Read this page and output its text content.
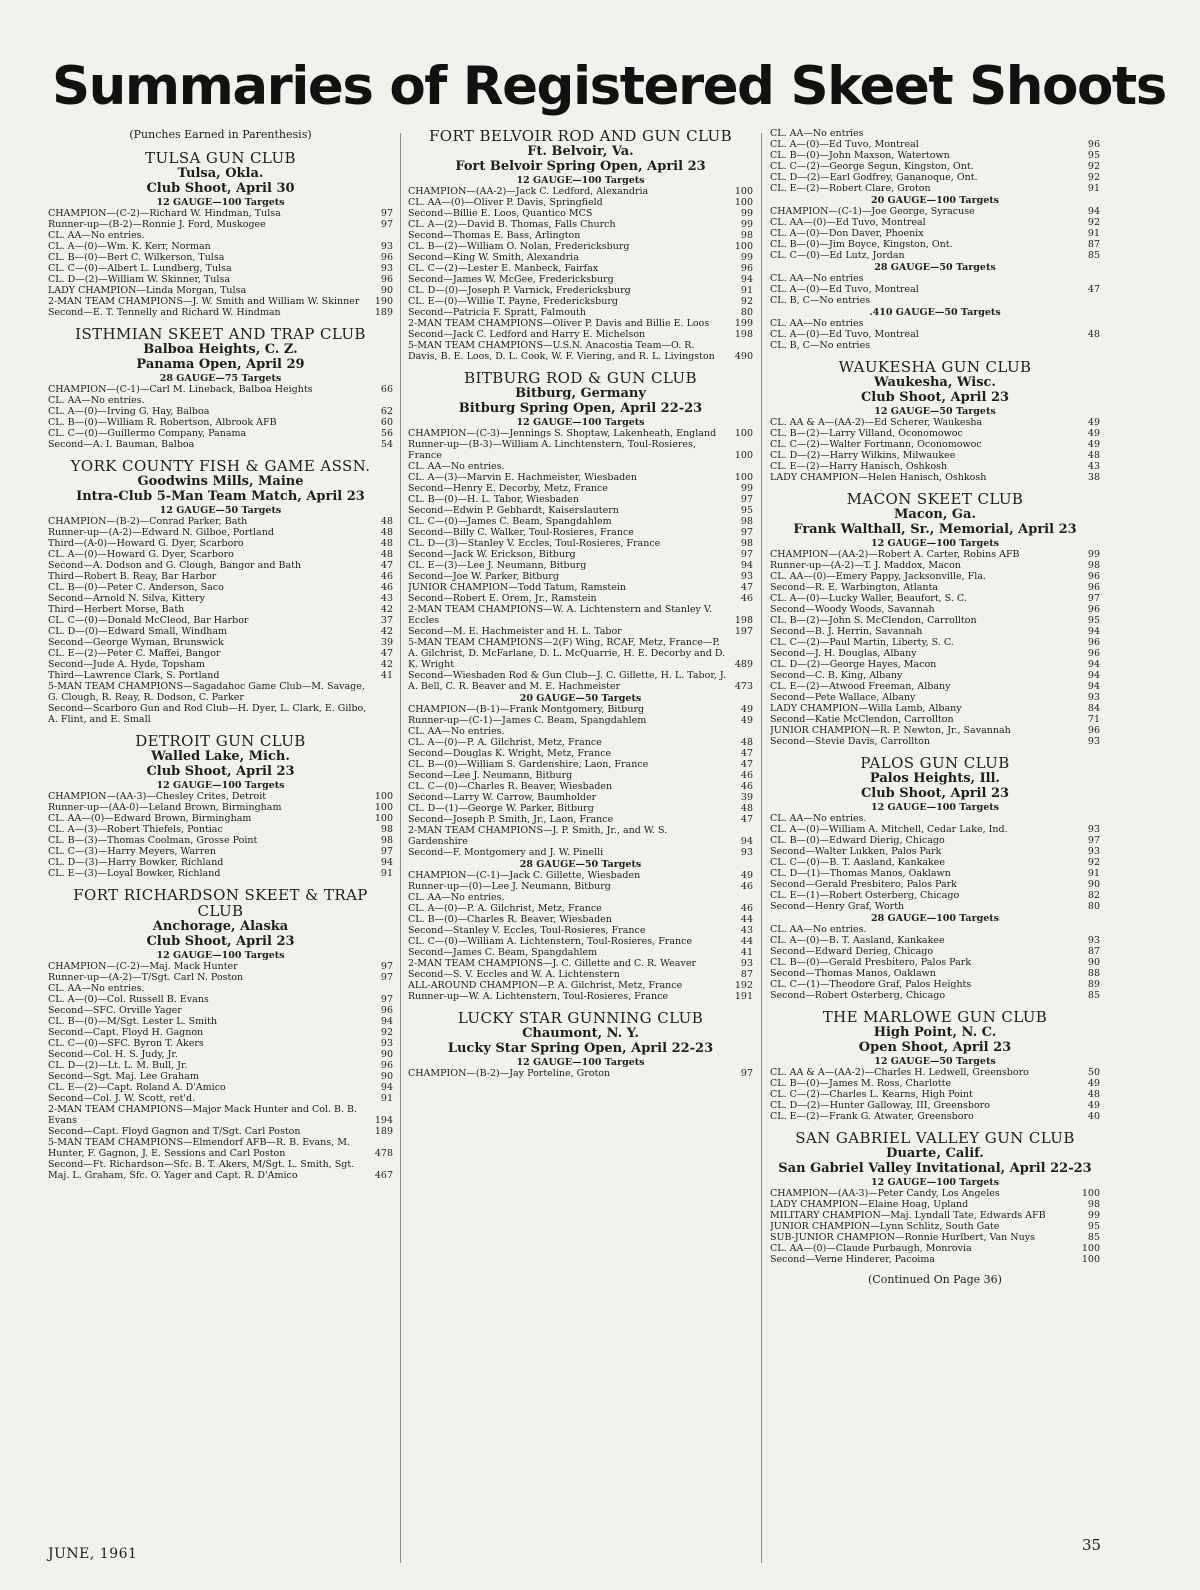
Summaries of Registered Skeet Shoots
(Punches Earned in Parenthesis)
TULSA GUN CLUB
Tulsa, Okla.
Club Shoot, April 30
12 GAUGE—100 Targets
CHAMPION—(C-2)—Richard W. Hindman, Tulsa	97
Runner-up—(B-2)—Ronnie J. Ford, Muskogee	97
CL. AA—No entries.
CL. A—(0)—Wm. K. Kerr, Norman	93
CL. B—(0)—Bert C. Wilkerson, Tulsa	96
CL. C—(0)—Albert L. Lundberg, Tulsa	93
CL. D—(2)—William W. Skinner, Tulsa	96
LADY CHAMPION—Linda Morgan, Tulsa	90
2-MAN TEAM CHAMPIONS—J. W. Smith and William W. Skinner	190
Second—E. T. Tennelly and Richard W. Hindman	189
ISTHMIAN SKEET AND TRAP CLUB
Balboa Heights, C. Z.
Panama Open, April 29
28 GAUGE—75 Targets
CHAMPION—(C-1)—Carl M. Lineback, Balboa Heights	66
CL. AA—No entries.
CL. A—(0)—Irving G. Hay, Balboa	62
CL. B—(0)—William R. Robertson, Albrook AFB	60
CL. C—(0)—Guillermo Company, Panama	56
Second—A. I. Bauman, Balboa	54
YORK COUNTY FISH & GAME ASSN.
Goodwins Mills, Maine
Intra-Club 5-Man Team Match, April 23
12 GAUGE—50 Targets
CHAMPION—(B-2)—Conrad Parker, Bath	48
Runner-up—(A-2)—Edward N. Gilboe, Portland	48
Third—(A-0)—Howard G. Dyer, Scarboro	48
CL. A—(0)—Howard G. Dyer, Scarboro	48
Second—A. Dodson and G. Clough, Bangor and Bath	47
Third—Robert B. Reay, Bar Harbor	46
CL. B—(0)—Peter C. Anderson, Saco	46
Second—Arnold N. Silva, Kittery	43
Third—Herbert Morse, Bath	42
CL. C—(0)—Donald McCleod, Bar Harbor	37
CL. D—(0)—Edward Small, Windham	42
Second—George Wyman, Brunswick	39
CL. E—(2)—Peter C. Maffei, Bangor	47
Second—Jude A. Hyde, Topsham	42
Third—Lawrence Clark, S. Portland	41
5-MAN TEAM CHAMPIONS—Sagadahoc Game Club—M. Savage, G. Clough, R. Reay, R. Dodson, C. Parker
Second—Scarboro Gun and Rod Club—H. Dyer, L. Clark, E. Gilbo, A. Flint, and E. Small
DETROIT GUN CLUB
Walled Lake, Mich.
Club Shoot, April 23
12 GAUGE—100 Targets
CHAMPION—(AA-3)—Chesley Crites, Detroit	100
Runner-up—(AA-0)—Leland Brown, Birmingham	100
CL. AA—(0)—Edward Brown, Birmingham	100
CL. A—(3)—Robert Thiefels, Pontiac	98
CL. B—(3)—Thomas Coolman, Grosse Point	98
CL. C—(3)—Harry Meyers, Warren	97
CL. D—(3)—Harry Bowker, Richland	94
CL. E—(3)—Loyal Bowker, Richland	91
FORT RICHARDSON SKEET & TRAP CLUB
Anchorage, Alaska
Club Shoot, April 23
12 GAUGE—100 Targets
CHAMPION—(C-2)—Maj. Mack Hunter	97
Runner-up—(A-2)—T/Sgt. Carl N. Poston	97
CL. AA—No entries.
CL. A—(0)—Col. Russell B. Evans	97
Second—SFC. Orville Yager	96
CL. B—(0)—M/Sgt. Lester L. Smith	94
Second—Capt. Floyd H. Gagnon	92
CL. C—(0)—SFC. Byron T. Akers	93
Second—Col. H. S. Judy, Jr.	90
CL. D—(2)—Lt. L. M. Bull, Jr.	96
Second—Sgt. Maj. Lee Graham	90
CL. E—(2)—Capt. Roland A. D'Amico	94
Second—Col. J. W. Scott, ret'd.	91
2-MAN TEAM CHAMPIONS—Major Mack Hunter and Col. B. B. Evans	194
Second—Capt. Floyd Gagnon and T/Sgt. Carl Poston	189
5-MAN TEAM CHAMPIONS—Elmendorf AFB—R. B. Evans, M. Hunter, F. Gagnon, J. E. Sessions and Carl Poston	478
Second—Ft. Richardson—Sfc. B. T. Akers, M/Sgt. L. Smith, Sgt. Maj. L. Graham, Sfc. O. Yager and Capt. R. D'Amico	467
FORT BELVOIR ROD AND GUN CLUB
Ft. Belvoir, Va.
Fort Belvoir Spring Open, April 23
12 GAUGE—100 Targets
CHAMPION—(AA-2)—Jack C. Ledford, Alexandria	100
CL. AA—(0)—Oliver P. Davis, Springfield	100
Second—Billie E. Loos, Quantico MCS	99
CL. A—(2)—David B. Thomas, Falls Church	99
Second—Thomas E. Bass, Arlington	98
CL. B—(2)—William O. Nolan, Fredericksburg	100
Second—King W. Smith, Alexandria	99
CL. C—(2)—Lester E. Manbeck, Fairfax	96
Second—James W. McGee, Fredericksburg	94
CL. D—(0)—Joseph P. Varnick, Fredericksburg	91
CL. E—(0)—Willie T. Payne, Fredericksburg	92
Second—Patricia F. Spratt, Falmouth	80
2-MAN TEAM CHAMPIONS—Oliver P. Davis and Billie E. Loos	199
Second—Jack C. Ledford and Harry E. Michelson	198
5-MAN TEAM CHAMPIONS—U.S.N. Anacostia Team—O. R. Davis, B. E. Loos, D. L. Cook, W. F. Viering, and R. L. Livingston	490
BITBURG ROD & GUN CLUB
Bitburg, Germany
Bitburg Spring Open, April 22-23
12 GAUGE—100 Targets
CHAMPION—(C-3)—Jennings S. Shoptaw, Lakenheath, England	100
Runner-up—(B-3)—William A. Linchtenstern, Toul-Rosieres, France	100
CL. AA—No entries.
CL. A—(3)—Marvin E. Hachmeister, Wiesbaden	100
Second—Henry E. Decorby, Metz, France	99
CL. B—(0)—H. L. Tabor, Wiesbaden	97
Second—Edwin P. Gebhardt, Kaiserslautern	95
CL. C—(0)—James C. Beam, Spangdahlem	98
Second—Billy C. Walker, Toul-Rosieres, France	97
CL. D—(3)—Stanley V. Eccles, Toul-Rosieres, France	98
Second—Jack W. Erickson, Bitburg	97
CL. E—(3)—Lee J. Neumann, Bitburg	94
Second—Joe W. Parker, Bitburg	93
JUNIOR CHAMPION—Todd Tatum, Ramstein	47
Second—Robert E. Orem, Jr., Ramstein	46
2-MAN TEAM CHAMPIONS—W. A. Lichtenstern and Stanley V. Eccles	198
Second—M. E. Hachmeister and H. L. Tabor	197
5-MAN TEAM CHAMPIONS—2(F) Wing, RCAF, Metz, France—P. A. Gilchrist, D. McFarlane, D. L. McQuarrie, H. E. Decorby and D. K. Wright	489
Second—Wiesbaden Rod & Gun Club—J. C. Gillette, H. L. Tabor, J. A. Bell, C. R. Beaver and M. E. Hachmeister	473
20 GAUGE—50 Targets
CHAMPION—(B-1)—Frank Montgomery, Bitburg	49
Runner-up—(C-1)—James C. Beam, Spangdahlem	49
CL. AA—No entries.
CL. A—(0)—P. A. Gilchrist, Metz, France	48
Second—Douglas K. Wright, Metz, France	47
CL. B—(0)—William S. Gardenshire, Laon, France	47
Second—Lee J. Neumann, Bitburg	46
CL. C—(0)—Charles R. Beaver, Wiesbaden	46
Second—Larry W. Carrow, Baumholder	39
CL. D—(1)—George W. Parker, Bitburg	48
Second—Joseph P. Smith, Jr., Laon, France	47
2-MAN TEAM CHAMPIONS—J. P. Smith, Jr., and W. S. Gardenshire	94
Second—F. Montgomery and J. W. Pinelli	93
28 GAUGE—50 Targets
CHAMPION—(C-1)—Jack C. Gillette, Wiesbaden	49
Runner-up—(0)—Lee J. Neumann, Bitburg	46
CL. AA—No entries.
CL. A—(0)—P. A. Gilchrist, Metz, France	46
CL. B—(0)—Charles R. Beaver, Wiesbaden	44
Second—Stanley V. Eccles, Toul-Rosieres, France	43
CL. C—(0)—William A. Lichtenstern, Toul-Rosieres, France	44
Second—James C. Beam, Spangdahlem	41
2-MAN TEAM CHAMPIONS—J. C. Gillette and C. R. Weaver	93
Second—S. V. Eccles and W. A. Lichtenstern	87
ALL-AROUND CHAMPION—P. A. Gilchrist, Metz, France	192
Runner-up—W. A. Lichtenstern, Toul-Rosieres, France	191
LUCKY STAR GUNNING CLUB
Chaumont, N. Y.
Lucky Star Spring Open, April 22-23
12 GAUGE—100 Targets
CHAMPION—(B-2)—Jay Porteline, Groton	97
CL. AA—No entries
CL. A—(0)—Ed Tuvo, Montreal	96
CL. B—(0)—John Maxson, Watertown	95
CL. C—(2)—George Segun, Kingston, Ont.	92
CL. D—(2)—Earl Godfrey, Gananoque, Ont.	92
CL. E—(2)—Robert Clare, Groton	91
20 GAUGE—100 Targets
CHAMPION—(C-1)—Joe George, Syracuse	94
CL. AA—(0)—Ed Tuvo, Montreal	92
CL. A—(0)—Don Daver, Phoenix	91
CL. B—(0)—Jim Boyce, Kingston, Ont.	87
CL. C—(0)—Ed Lutz, Jordan	85
28 GAUGE—50 Targets
CL. AA—No entries
CL. A—(0)—Ed Tuvo, Montreal	47
CL. B, C—No entries
.410 GAUGE—50 Targets
CL. AA—No entries
CL. A—(0)—Ed Tuvo, Montreal	48
CL. B, C—No entries
WAUKESHA GUN CLUB
Waukesha, Wisc.
Club Shoot, April 23
12 GAUGE—50 Targets
CL. AA & A—(AA-2)—Ed Scherer, Waukesha	49
CL. B—(2)—Larry Villand, Oconomowoc	49
CL. C—(2)—Walter Fortmann, Oconomowoc	49
CL. D—(2)—Harry Wilkins, Milwaukee	48
CL. E—(2)—Harry Hanisch, Oshkosh	43
LADY CHAMPION—Helen Hanisch, Oshkosh	38
MACON SKEET CLUB
Macon, Ga.
Frank Walthall, Sr., Memorial, April 23
12 GAUGE—100 Targets
CHAMPION—(AA-2)—Robert A. Carter, Robins AFB	99
Runner-up—(A-2)—T. J. Maddox, Macon	98
CL. AA—(0)—Emery Pappy, Jacksonville, Fla.	96
Second—R. E. Warbington, Atlanta	96
CL. A—(0)—Lucky Waller, Beaufort, S. C.	97
Second—Woody Woods, Savannah	96
CL. B—(2)—John S. McClendon, Carrollton	95
Second—B. J. Herrin, Savannah	94
CL. C—(2)—Paul Martin, Liberty, S. C.	96
Second—J. H. Douglas, Albany	96
CL. D—(2)—George Hayes, Macon	94
Second—C. B. King, Albany	94
CL. E—(2)—Atwood Freeman, Albany	94
Second—Pete Wallace, Albany	93
LADY CHAMPION—Willa Lamb, Albany	84
Second—Katie McClendon, Carrollton	71
JUNIOR CHAMPION—R. P. Newton, Jr., Savannah	96
Second—Stevie Davis, Carrollton	93
PALOS GUN CLUB
Palos Heights, Ill.
Club Shoot, April 23
12 GAUGE—100 Targets
CL. AA—No entries.
CL. A—(0)—William A. Mitchell, Cedar Lake, Ind.	93
CL. B—(0)—Edward Dierig, Chicago	97
Second—Walter Lukken, Palos Park	93
CL. C—(0)—B. T. Aasland, Kankakee	92
CL. D—(1)—Thomas Manos, Oaklawn	91
Second—Gerald Presbitero, Palos Park	90
CL. E—(1)—Robert Osterberg, Chicago	82
Second—Henry Graf, Worth	80
28 GAUGE—100 Targets
CL. AA—No entries.
CL. A—(0)—B. T. Aasland, Kankakee	93
Second—Edward Derieg, Chicago	87
CL. B—(0)—Gerald Presbitero, Palos Park	90
Second—Thomas Manos, Oaklawn	88
CL. C—(1)—Theodore Graf, Palos Heights	89
Second—Robert Osterberg, Chicago	85
THE MARLOWE GUN CLUB
High Point, N. C.
Open Shoot, April 23
12 GAUGE—50 Targets
CL. AA & A—(AA-2)—Charles H. Ledwell, Greensboro	50
CL. B—(0)—James M. Ross, Charlotte	49
CL. C—(2)—Charles L. Kearns, High Point	48
CL. D—(2)—Hunter Galloway, III, Greensboro	49
CL. E—(2)—Frank G. Atwater, Greensboro	40
SAN GABRIEL VALLEY GUN CLUB
Duarte, Calif.
San Gabriel Valley Invitational, April 22-23
12 GAUGE—100 Targets
CHAMPION—(AA-3)—Peter Candy, Los Angeles	100
LADY CHAMPION—Elaine Hoag, Upland	98
MILITARY CHAMPION—Maj. Lyndall Tate, Edwards AFB	99
JUNIOR CHAMPION—Lynn Schlitz, South Gate	95
SUB-JUNIOR CHAMPION—Ronnie Hurlbert, Van Nuys	85
CL. AA—(0)—Claude Purbaugh, Monrovia	100
Second—Verne Hinderer, Pacoima	100
(Continued On Page 36)
JUNE, 1961	35
